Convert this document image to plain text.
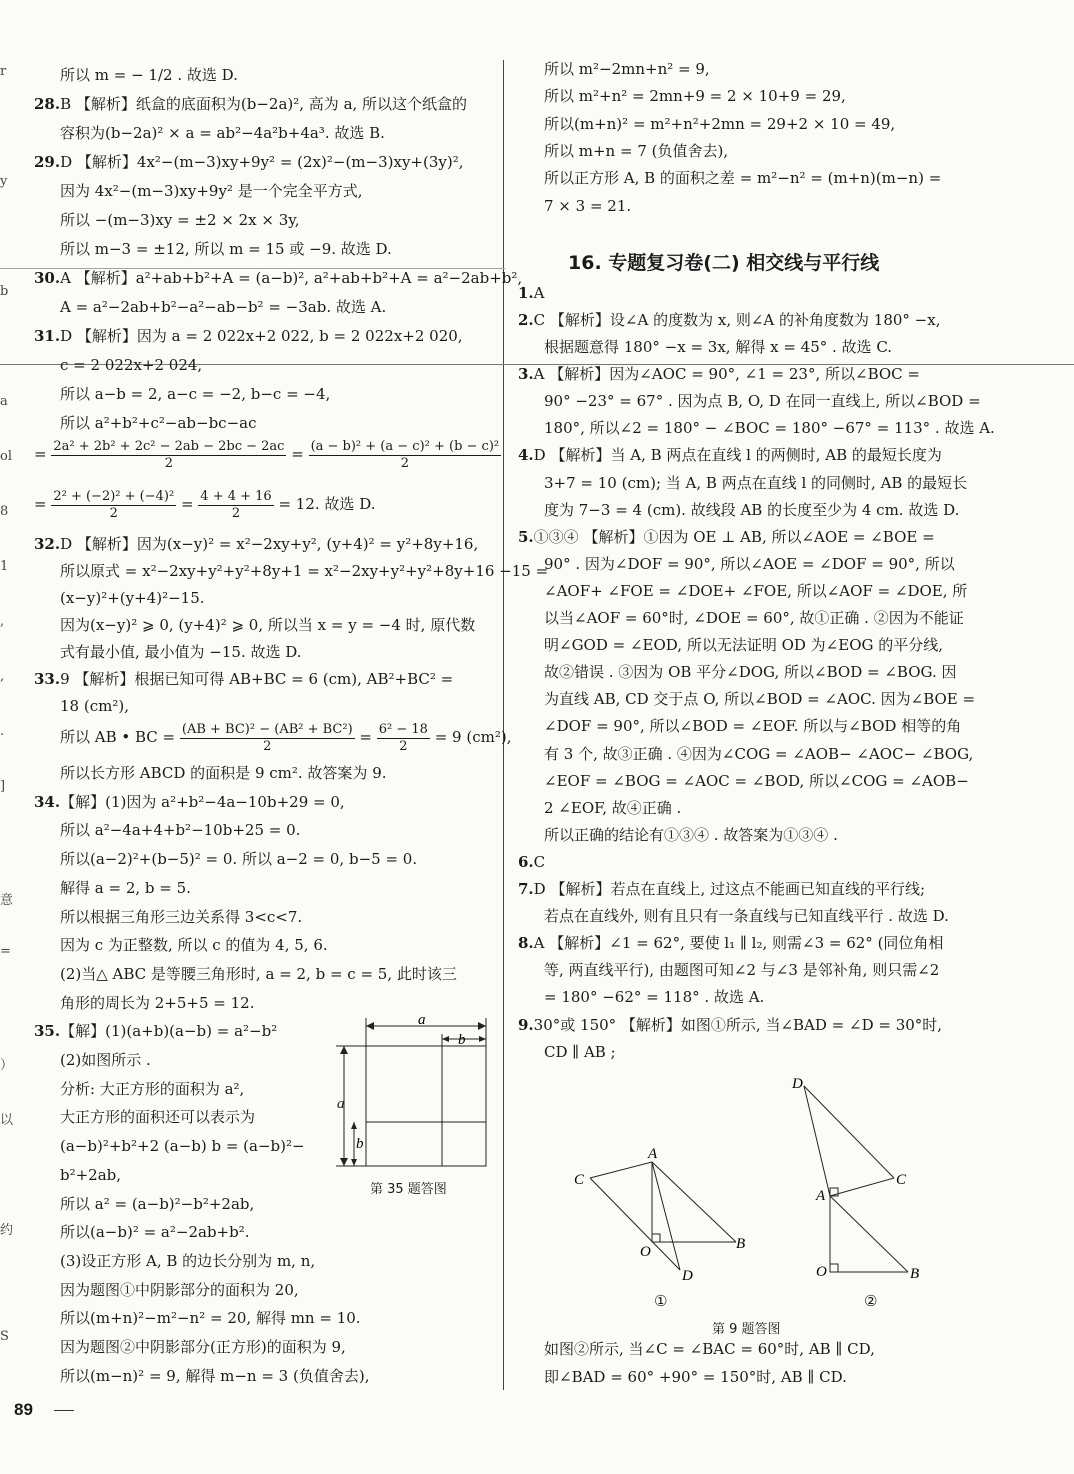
r
y
b
a
ol
8
1
,
,
.
]
意
=
）
以
约
S
所以 m = − 1/2 . 故选 D.
28.B 【解析】纸盒的底面积为(b−2a)², 高为 a, 所以这个纸盒的
容积为(b−2a)² × a = ab²−4a²b+4a³. 故选 B.
29.D 【解析】4x²−(m−3)xy+9y² = (2x)²−(m−3)xy+(3y)²,
因为 4x²−(m−3)xy+9y² 是一个完全平方式,
所以 −(m−3)xy = ±2 × 2x × 3y,
所以 m−3 = ±12, 所以 m = 15 或 −9. 故选 D.
30.A 【解析】a²+ab+b²+A = (a−b)², a²+ab+b²+A = a²−2ab+b²,
A = a²−2ab+b²−a²−ab−b² = −3ab. 故选 A.
31.D 【解析】因为 a = 2 022x+2 022, b = 2 022x+2 020,
c = 2 022x+2 024,
所以 a−b = 2, a−c = −2, b−c = −4,
所以 a²+b²+c²−ab−bc−ac
= $\frac{\text{2a² + 2b² + 2c² − 2ab − 2bc − 2ac}}{2} = \frac{\text{(a − b)² + (a − c)² + (b − c)²}}{2}$
= $\frac{\text{2² + (−2)² + (−4)²}}{2} = \frac{4 + 4 + 16}{2} = 12$. 故选 D.
32.D 【解析】因为(x−y)² = x²−2xy+y², (y+4)² = y²+8y+16,
所以原式 = x²−2xy+y²+y²+8y+1 = x²−2xy+y²+y²+8y+16 −15 =
(x−y)²+(y+4)²−15.
因为(x−y)² ⩾ 0, (y+4)² ⩾ 0, 所以当 x = y = −4 时, 原代数
式有最小值, 最小值为 −15. 故选 D.
33.9 【解析】根据已知可得 AB+BC = 6 (cm), AB²+BC² =
18 (cm²),
所以 AB • BC = $\frac{\text{(AB + BC)² − (AB² + BC²)}}{2} = \frac{\text{6² − 18}}{2} = 9$ (cm²),
所以长方形 ABCD 的面积是 9 cm². 故答案为 9.
34.【解】(1)因为 a²+b²−4a−10b+29 = 0,
所以 a²−4a+4+b²−10b+25 = 0.
所以(a−2)²+(b−5)² = 0. 所以 a−2 = 0, b−5 = 0.
解得 a = 2, b = 5.
所以根据三角形三边关系得 3<c<7.
因为 c 为正整数, 所以 c 的值为 4, 5, 6.
(2)当△ ABC 是等腰三角形时, a = 2, b = c = 5, 此时该三
角形的周长为 2+5+5 = 12.
35.【解】(1)(a+b)(a−b) = a²−b²
(2)如图所示 .
分析: 大正方形的面积为 a²,
大正方形的面积还可以表示为
(a−b)²+b²+2 (a−b) b = (a−b)²−
b²+2ab,
所以 a² = (a−b)²−b²+2ab,
所以(a−b)² = a²−2ab+b².
(3)设正方形 A, B 的边长分别为 m, n,
因为题图①中阴影部分的面积为 20,
所以(m+n)²−m²−n² = 20, 解得 mn = 10.
因为题图②中阴影部分(正方形)的面积为 9,
所以(m−n)² = 9, 解得 m−n = 3 (负值舍去),
所以 m²−2mn+n² = 9,
所以 m²+n² = 2mn+9 = 2 × 10+9 = 29,
所以(m+n)² = m²+n²+2mn = 29+2 × 10 = 49,
所以 m+n = 7 (负值舍去),
所以正方形 A, B 的面积之差 = m²−n² = (m+n)(m−n) =
7 × 3 = 21.
16. 专题复习卷(二) 相交线与平行线
1.A
2.C 【解析】设∠A 的度数为 x, 则∠A 的补角度数为 180° −x,
根据题意得 180° −x = 3x, 解得 x = 45° . 故选 C.
3.A 【解析】因为∠AOC = 90°, ∠1 = 23°, 所以∠BOC =
90° −23° = 67° . 因为点 B, O, D 在同一直线上, 所以∠BOD =
180°, 所以∠2 = 180° − ∠BOC = 180° −67° = 113° . 故选 A.
4.D 【解析】当 A, B 两点在直线 l 的两侧时, AB 的最短长度为
3+7 = 10 (cm); 当 A, B 两点在直线 l 的同侧时, AB 的最短长
度为 7−3 = 4 (cm). 故线段 AB 的长度至少为 4 cm. 故选 D.
5.①③④ 【解析】①因为 OE ⊥ AB, 所以∠AOE = ∠BOE =
90° . 因为∠DOF = 90°, 所以∠AOE = ∠DOF = 90°, 所以
∠AOF+ ∠FOE = ∠DOE+ ∠FOE, 所以∠AOF = ∠DOE, 所
以当∠AOF = 60°时, ∠DOE = 60°, 故①正确 . ②因为不能证
明∠GOD = ∠EOD, 所以无法证明 OD 为∠EOG 的平分线,
故②错误 . ③因为 OB 平分∠DOG, 所以∠BOD = ∠BOG. 因
为直线 AB, CD 交于点 O, 所以∠BOD = ∠AOC. 因为∠BOE =
∠DOF = 90°, 所以∠BOD = ∠EOF. 所以与∠BOD 相等的角
有 3 个, 故③正确 . ④因为∠COG = ∠AOB− ∠AOC− ∠BOG,
∠EOF = ∠BOG = ∠AOC = ∠BOD, 所以∠COG = ∠AOB−
2 ∠EOF, 故④正确 .
所以正确的结论有①③④ . 故答案为①③④ .
6.C
7.D 【解析】若点在直线上, 过这点不能画已知直线的平行线;
若点在直线外, 则有且只有一条直线与已知直线平行 . 故选 D.
8.A 【解析】∠1 = 62°, 要使 l₁ ∥ l₂, 则需∠3 = 62° (同位角相
等, 两直线平行), 由题图可知∠2 与∠3 是邻补角, 则只需∠2
= 180° −62° = 118° . 故选 A.
9.30°或 150° 【解析】如图①所示, 当∠BAD = ∠D = 30°时,
CD ∥ AB ;
如图②所示, 当∠C = ∠BAC = 60°时, AB ∥ CD,
即∠BAD = 60° +90° = 150°时, AB ∥ CD.
a
b
a
b
第 35 题答图
C
A
B
O
D
D
C
A
O	B
①	②
第 9 题答图
89
